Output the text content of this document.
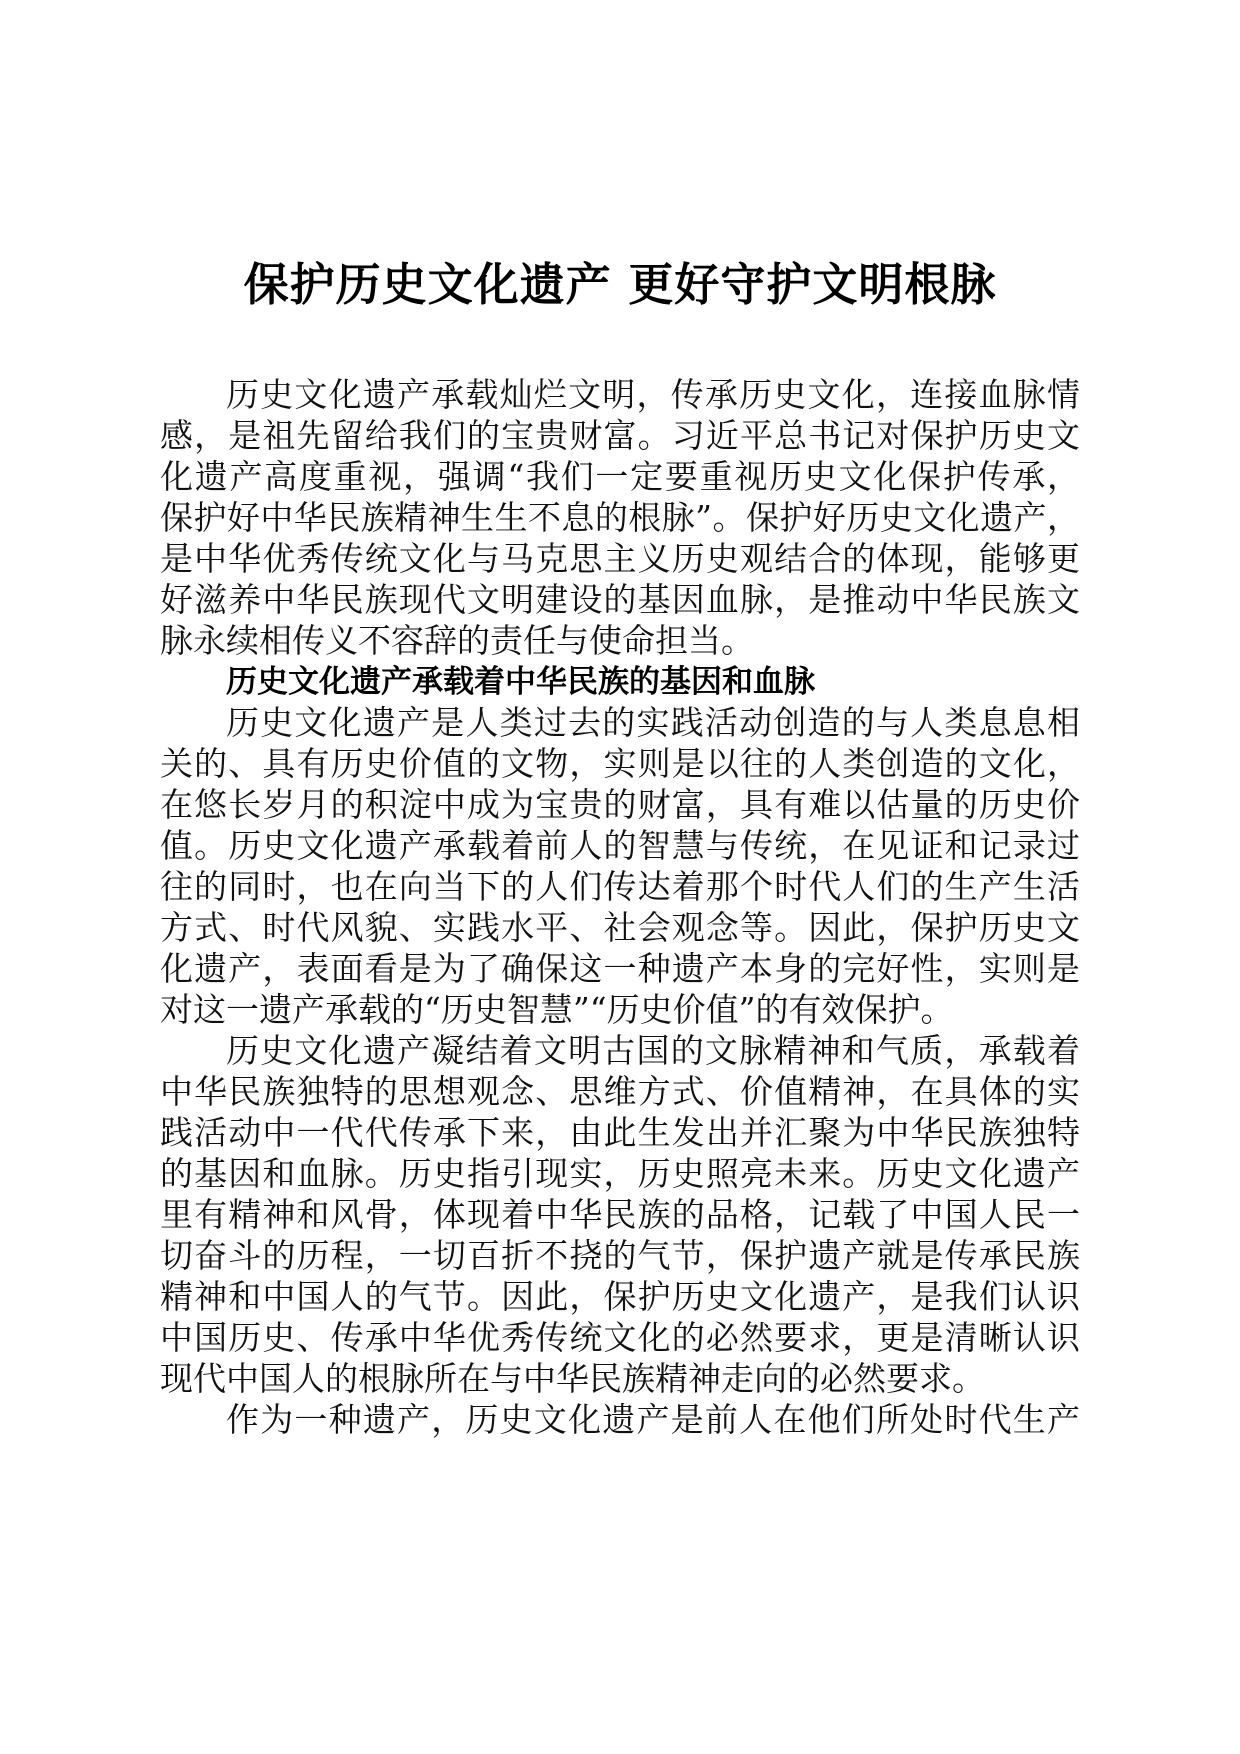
保护历史文化遗产 更好守护文明根脉
历史文化遗产承载灿烂文明，传承历史文化，连接血脉情
感，是祖先留给我们的宝贵财富。习近平总书记对保护历史文
化遗产高度重视，强调“我们一定要重视历史文化保护传承，
保护好中华民族精神生生不息的根脉”。保护好历史文化遗产，
是中华优秀传统文化与马克思主义历史观结合的体现，能够更
好滋养中华民族现代文明建设的基因血脉，是推动中华民族文
脉永续相传义不容辞的责任与使命担当。
历史文化遗产承载着中华民族的基因和血脉
历史文化遗产是人类过去的实践活动创造的与人类息息相
关的、具有历史价值的文物，实则是以往的人类创造的文化，
在悠长岁月的积淀中成为宝贵的财富，具有难以估量的历史价
值。历史文化遗产承载着前人的智慧与传统，在见证和记录过
往的同时，也在向当下的人们传达着那个时代人们的生产生活
方式、时代风貌、实践水平、社会观念等。因此，保护历史文
化遗产，表面看是为了确保这一种遗产本身的完好性，实则是
对这一遗产承载的“历史智慧”“历史价值”的有效保护。
历史文化遗产凝结着文明古国的文脉精神和气质，承载着
中华民族独特的思想观念、思维方式、价值精神，在具体的实
践活动中一代代传承下来，由此生发出并汇聚为中华民族独特
的基因和血脉。历史指引现实，历史照亮未来。历史文化遗产
里有精神和风骨，体现着中华民族的品格，记载了中国人民一
切奋斗的历程，一切百折不挠的气节，保护遗产就是传承民族
精神和中国人的气节。因此，保护历史文化遗产，是我们认识
中国历史、传承中华优秀传统文化的必然要求，更是清晰认识
现代中国人的根脉所在与中华民族精神走向的必然要求。
作为一种遗产，历史文化遗产是前人在他们所处时代生产
